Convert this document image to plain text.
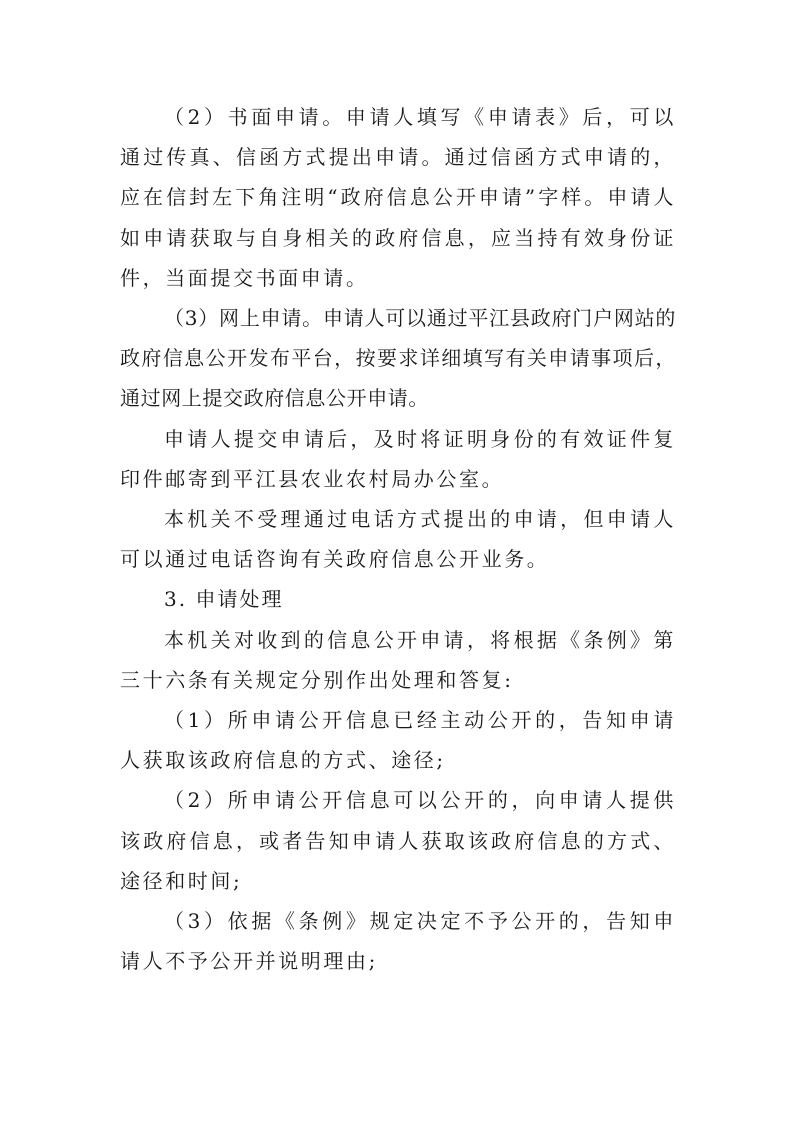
（2）书面申请。申请人填写《申请表》后，可以通过传真、信函方式提出申请。通过信函方式申请的，应在信封左下角注明“政府信息公开申请”字样。申请人如申请获取与自身相关的政府信息，应当持有效身份证件，当面提交书面申请。

（3）网上申请。申请人可以通过平江县政府门户网站的政府信息公开发布平台，按要求详细填写有关申请事项后，通过网上提交政府信息公开申请。

申请人提交申请后，及时将证明身份的有效证件复印件邮寄到平江县农业农村局办公室。

本机关不受理通过电话方式提出的申请，但申请人可以通过电话咨询有关政府信息公开业务。

3. 申请处理

本机关对收到的信息公开申请，将根据《条例》第三十六条有关规定分别作出处理和答复:

（1）所申请公开信息已经主动公开的，告知申请人获取该政府信息的方式、途径;

（2）所申请公开信息可以公开的，向申请人提供该政府信息，或者告知申请人获取该政府信息的方式、途径和时间;

（3）依据《条例》规定决定不予公开的，告知申请人不予公开并说明理由;
